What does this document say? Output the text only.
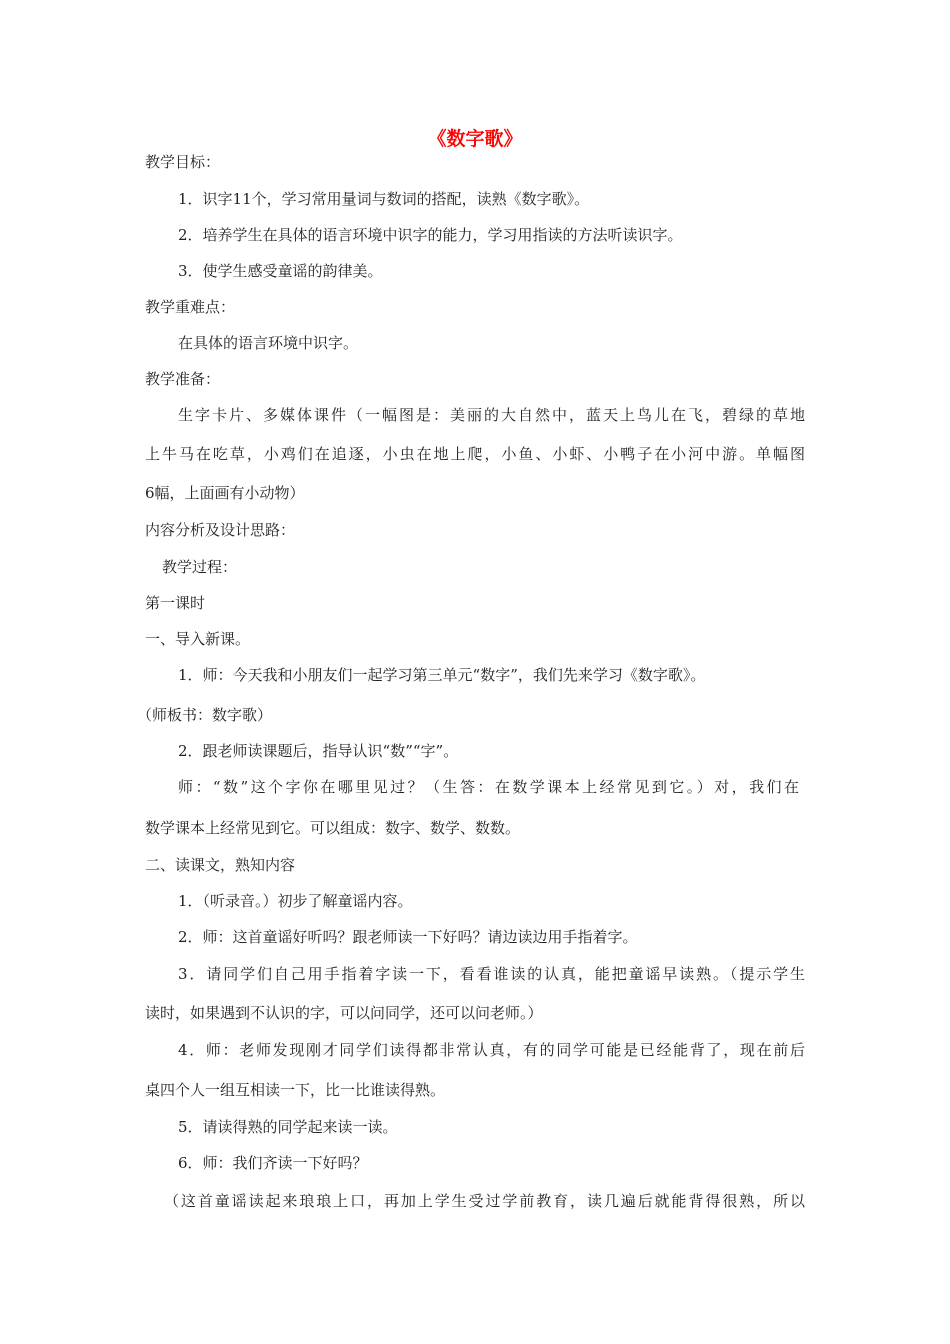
《数字歌》
教学目标：
1．识字11个，学习常用量词与数词的搭配，读熟《数字歌》。
2．培养学生在具体的语言环境中识字的能力，学习用指读的方法听读识字。
3．使学生感受童谣的韵律美。
教学重难点：
在具体的语言环境中识字。
教学准备：
生字卡片、多媒体课件（一幅图是：美丽的大自然中，蓝天上鸟儿在飞，碧绿的草地
上牛马在吃草，小鸡们在追逐，小虫在地上爬，小鱼、小虾、小鸭子在小河中游。单幅图
6幅，上面画有小动物）
内容分析及设计思路：
教学过程：
第一课时
一、导入新课。
1．师：今天我和小朋友们一起学习第三单元“数字”，我们先来学习《数字歌》。
（师板书：数字歌）
2．跟老师读课题后，指导认识“数”“字”。
师：“数”这个字你在哪里见过？（生答：在数学课本上经常见到它。）对，我们在
数学课本上经常见到它。可以组成：数字、数学、数数。
二、读课文，熟知内容
1．（听录音。）初步了解童谣内容。
2．师：这首童谣好听吗？跟老师读一下好吗？请边读边用手指着字。
3．请同学们自己用手指着字读一下，看看谁读的认真，能把童谣早读熟。（提示学生
读时，如果遇到不认识的字，可以问同学，还可以问老师。）
4．师：老师发现刚才同学们读得都非常认真，有的同学可能是已经能背了，现在前后
桌四个人一组互相读一下，比一比谁读得熟。
5．请读得熟的同学起来读一读。
6．师：我们齐读一下好吗？
（这首童谣读起来琅琅上口，再加上学生受过学前教育，读几遍后就能背得很熟，所以
